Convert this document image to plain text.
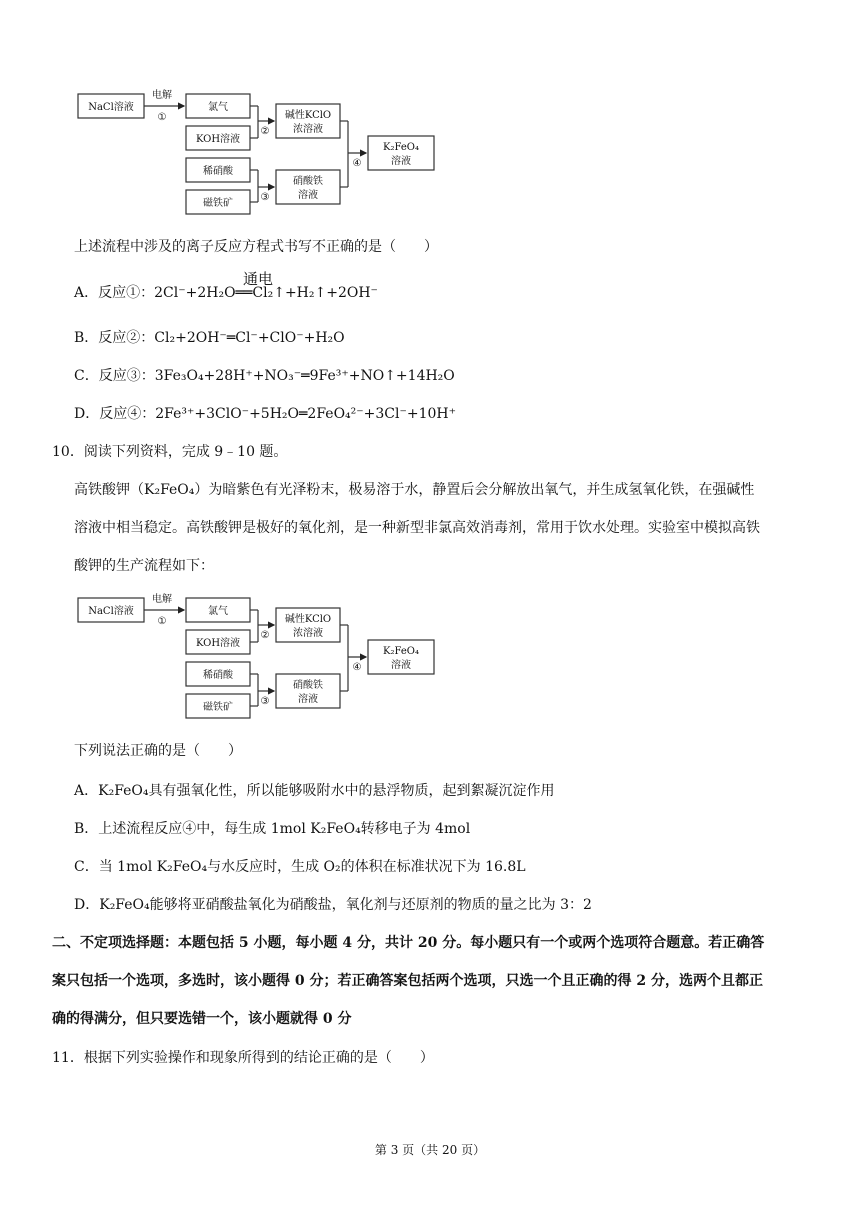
NaCl溶液	氯气
KOH溶液
稀硝酸
磁铁矿
碱性KClO
浓溶液
硝酸铁
溶液
K₂FeO₄
溶液
电解
①
②
③
④
上述流程中涉及的离子反应方程式书写不正确的是（　　）
A．反应①：2Cl⁻+2H₂O══Cl₂↑+H₂↑+2OH⁻
通电
B．反应②：Cl₂+2OH⁻═Cl⁻+ClO⁻+H₂O
C．反应③：3Fe₃O₄+28H⁺+NO₃⁻═9Fe³⁺+NO↑+14H₂O
D．反应④：2Fe³⁺+3ClO⁻+5H₂O═2FeO₄²⁻+3Cl⁻+10H⁺
10．阅读下列资料，完成 9﹣10 题。
高铁酸钾（K₂FeO₄）为暗紫色有光泽粉末，极易溶于水，静置后会分解放出氧气，并生成氢氧化铁，在强碱性
溶液中相当稳定。高铁酸钾是极好的氧化剂，是一种新型非氯高效消毒剂，常用于饮水处理。实验室中模拟高铁
酸钾的生产流程如下：
NaCl溶液	氯气
KOH溶液
稀硝酸
磁铁矿
碱性KClO
浓溶液
硝酸铁
溶液
K₂FeO₄
溶液
电解
①
②
③
④
下列说法正确的是（　　）
A．K₂FeO₄具有强氧化性，所以能够吸附水中的悬浮物质，起到絮凝沉淀作用
B．上述流程反应④中，每生成 1mol K₂FeO₄转移电子为 4mol
C．当 1mol K₂FeO₄与水反应时，生成 O₂的体积在标准状况下为 16.8L
D．K₂FeO₄能够将亚硝酸盐氧化为硝酸盐，氧化剂与还原剂的物质的量之比为 3：2
二、不定项选择题：本题包括 5 小题，每小题 4 分，共计 20 分。每小题只有一个或两个选项符合题意。若正确答
案只包括一个选项，多选时，该小题得 0 分；若正确答案包括两个选项，只选一个且正确的得 2 分，选两个且都正
确的得满分，但只要选错一个，该小题就得 0 分
11．根据下列实验操作和现象所得到的结论正确的是（　　）
第 3 页（共 20 页）
